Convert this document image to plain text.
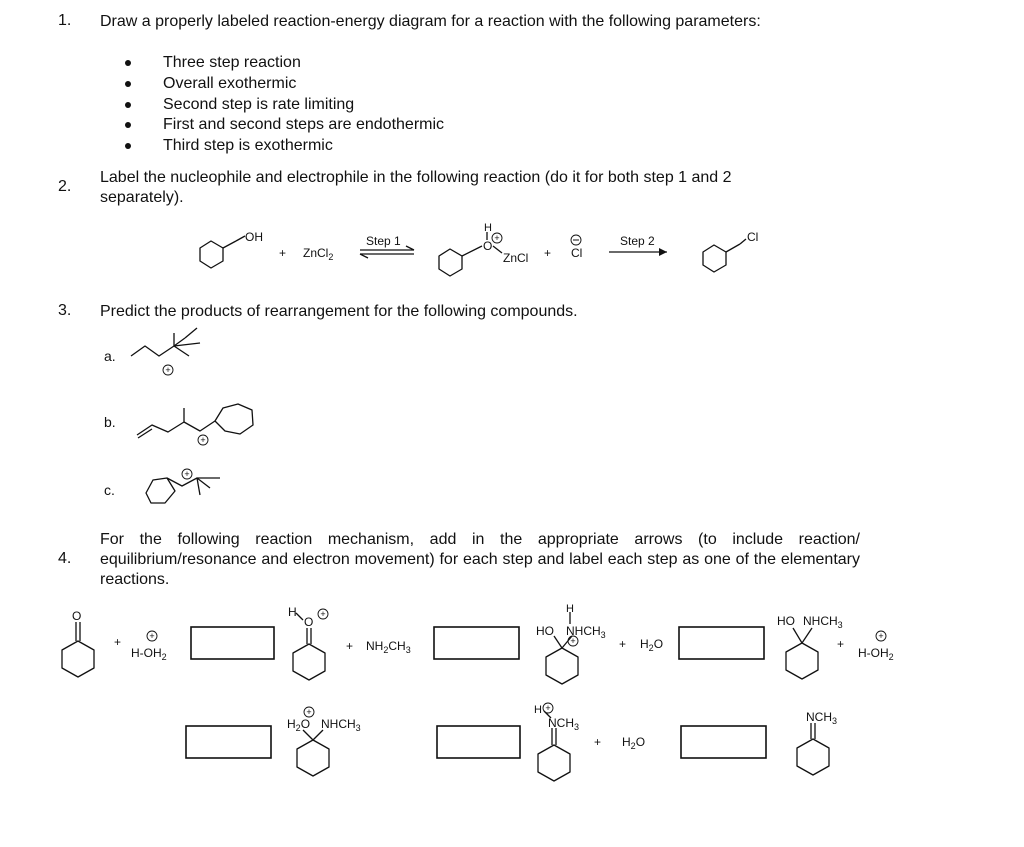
1. Draw a properly labeled reaction-energy diagram for a reaction with the following parameters:
Three step reaction
Overall exothermic
Second step is rate limiting
First and second steps are endothermic
Third step is exothermic
2.
Label the nucleophile and electrophile in the following reaction (do it for both step 1 and 2 separately).
+
+
+
+
+
+
+	+
+	+
OH
+ ZnCl$_2$
Step 1
H
O
ZnCl + Cl
Step 2	Cl
O
+
$H-OH_2$
H
O
+ $NH_2CH_3$
H
HO $NHCH_3$
+ $H_2O$
HO $NHCH_3$
+
$H-OH_2$
$H_2O$ $NHCH_3$
H
$NCH_3$
+ $H_2O$
$NCH_3$
3. Predict the products of rearrangement for the following compounds.
a.
b.
c.
4.
For the following reaction mechanism, add in the appropriate arrows (to include reaction/ equilibrium/resonance and electron movement) for each step and label each step as one of the elementary reactions.
